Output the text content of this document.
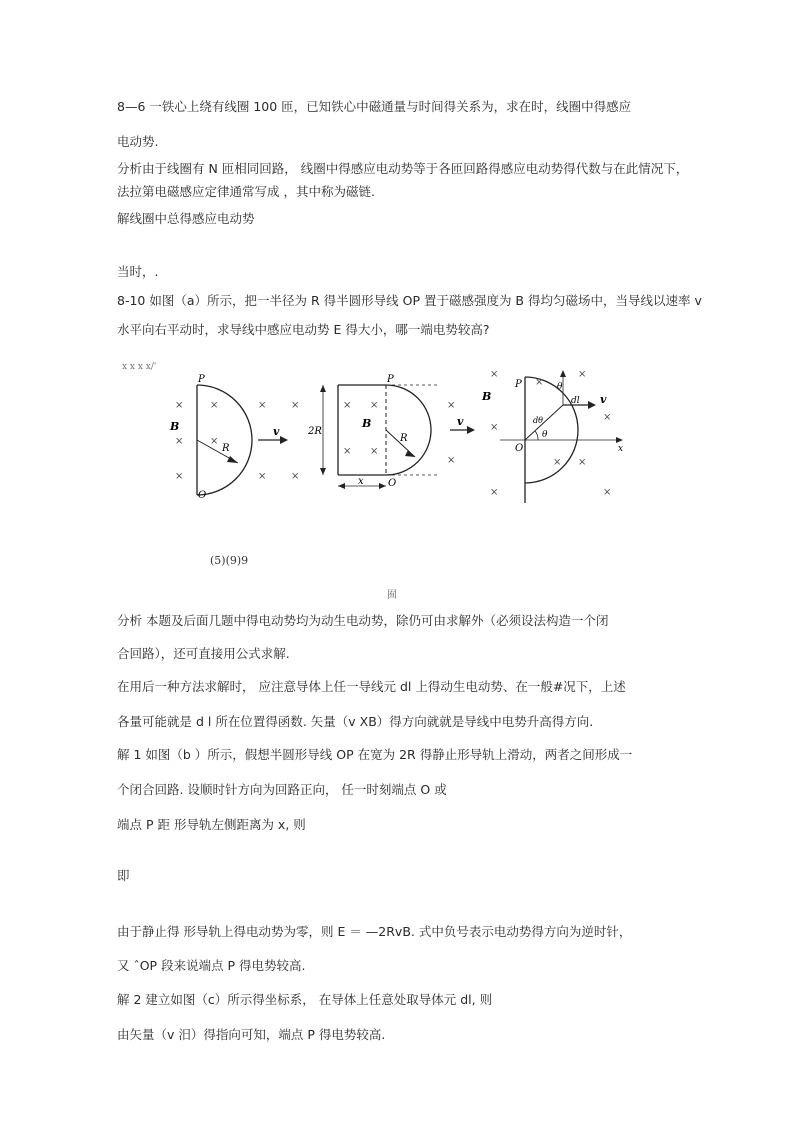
8—6 一铁心上绕有线圈 100 匝，已知铁心中磁通量与时间得关系为，求在时，线圈中得感应
电动势.
分析由于线圈有 N 匝相同回路， 线圈中得感应电动势等于各匝回路得感应电动势得代数与在此情况下，
法拉第电磁感应定律通常写成 ，其中称为磁链.
解线圈中总得感应电动势
当时，.
8-10 如图（a）所示，把一半径为 R 得半圆形导线 OP 置于磁感强度为 B 得均匀磁场中，当导线以速率 v
水平向右平动时，求导线中感应电动势 E 得大小，哪一端电势较高?
x x x x/'
×
×
×
×
×
×
×
×
×
P
O
B
R
v
×
×
×
×
×
×
P
O
B
R
2R
x
v
×
×
×
×
×
×
×
×
×
P
O
B	dl
θ
θ
dθ
v
x
(5)(9)9
囿
分析 本题及后面几题中得电动势均为动生电动势，除仍可由求解外（必须设法构造一个闭
合回路），还可直接用公式求解.
在用后一种方法求解时， 应注意导体上任一导线元 dl 上得动生电动势、在一般#况下，上述
各量可能就是 d l 所在位置得函数. 矢量（v XB）得方向就就是导线中电势升高得方向.
解 1 如图（b ）所示，假想半圆形导线 OP 在宽为 2R 得静止形导轨上滑动，两者之间形成一
个闭合回路. 设顺时针方向为回路正向， 任一时刻端点 O 或
端点 P 距 形导轨左侧距离为 x, 则
即
由于静止得 形导轨上得电动势为零，则 E ＝ —2RvB. 式中负号表示电动势得方向为逆时针，
又 ˆOP 段来说端点 P 得电势较高.
解 2 建立如图（c）所示得坐标系， 在导体上任意处取导体元 dl, 则
由矢量（v 汨）得指向可知，端点 P 得电势较高.
